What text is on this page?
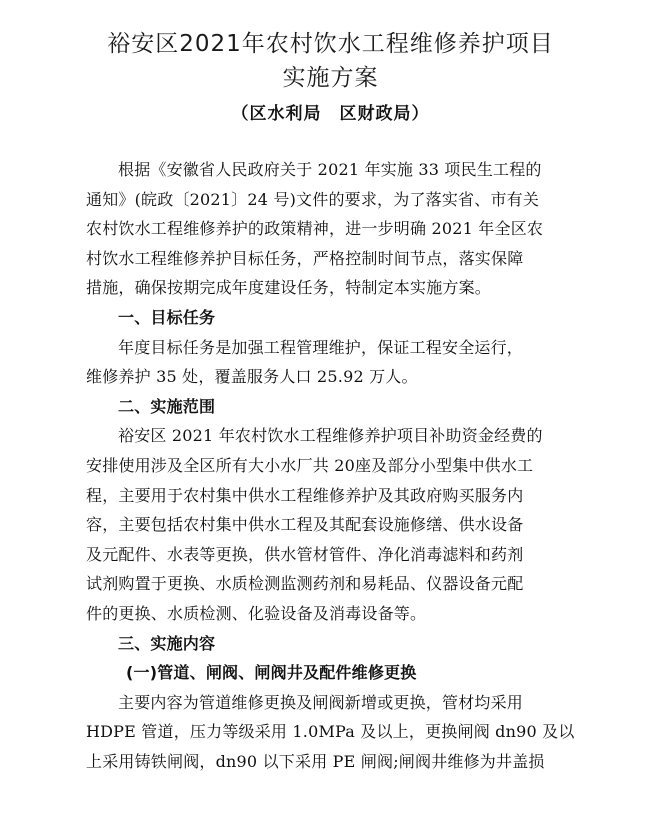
裕安区2021年农村饮水工程维修养护项目
实施方案
（区水利局　区财政局）
根据《安徽省人民政府关于 2021 年实施 33 项民生工程的
通知》(皖政〔2021〕24 号)文件的要求，为了落实省、市有关
农村饮水工程维修养护的政策精神，进一步明确 2021 年全区农
村饮水工程维修养护目标任务，严格控制时间节点，落实保障
措施，确保按期完成年度建设任务，特制定本实施方案。
一、目标任务
年度目标任务是加强工程管理维护，保证工程安全运行，
维修养护 35 处，覆盖服务人口 25.92 万人。
二、实施范围
裕安区 2021 年农村饮水工程维修养护项目补助资金经费的
安排使用涉及全区所有大小水厂共 20座及部分小型集中供水工
程，主要用于农村集中供水工程维修养护及其政府购买服务内
容，主要包括农村集中供水工程及其配套设施修缮、供水设备
及元配件、水表等更换，供水管材管件、净化消毒滤料和药剂
试剂购置于更换、水质检测监测药剂和易耗品、仪器设备元配
件的更换、水质检测、化验设备及消毒设备等。
三、实施内容
(一)管道、闸阀、闸阀井及配件维修更换
主要内容为管道维修更换及闸阀新增或更换，管材均采用
HDPE 管道，压力等级采用 1.0MPa 及以上，更换闸阀 dn90 及以
上采用铸铁闸阀，dn90 以下采用 PE 闸阀;闸阀井维修为井盖损
